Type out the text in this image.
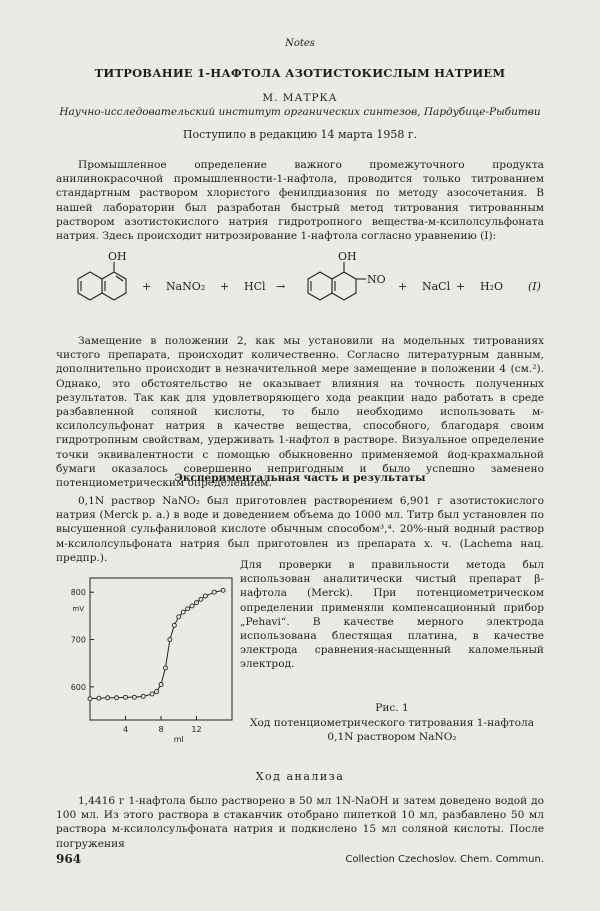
Notes
ТИТРОВАНИЕ 1-НАФТОЛА АЗОТИСТОКИСЛЫМ НАТРИЕМ
М. МАТРКА
Научно-исследовательский институт органических синтезов, Пардубице-Рыбитви
Поступило в редакцию 14 марта 1958 г.

Промышленное определение важного промежуточного продукта анилинокрасочной промышленности-1-нафтола, проводится только титрованием стандартным раствором хлористого фенилдиазония по методу азосочетания. В нашей лаборатории был разработан быстрый метод титрования титрованным раствором азотистокислого натрия гидротропного вещества-м-ксилолсульфоната натрия. Здесь происходит нитрозирование 1-нафтола согласно уравнению (I):

OH
+ NaNO₂ + HCl →
OH
NO
+ NaCl + H₂O (I)

Замещение в положении 2, как мы установили на модельных титрованиях чистого препарата, происходит количественно. Согласно литературным данным, дополнительно происходит в незначительной мере замещение в положении 4 (см.²). Однако, это обстоятельство не оказывает влияния на точность полученных результатов. Так как для удовлетворяющего хода реакции надо работать в среде разбавленной соляной кислоты, то было необходимо использовать м-ксилолсульфонат натрия в качестве вещества, способного, благодаря своим гидротропным свойствам, удерживать 1-нафтол в растворе. Визуальное определение точки эквивалентности с помощью обыкновенно применяемой йод-крахмальной бумаги оказалось совершенно непригодным и было успешно заменено потенциометрическим определением.

Экспериментальная часть и результаты

0,1N раствор NaNO₂ был приготовлен растворением 6,901 г азотистокислого натрия (Merck p. a.) в воде и доведением объема до 1000 мл. Титр был установлен по высушенной сульфаниловой кислоте обычным способом³,⁴. 20%-ный водный раствор м-ксилолсульфоната натрия был приготовлен из препарата х. ч. (Lachema нац. предпр.).

4	8	12
600
700
800
mV
ml

Для проверки в правильности метода был использован аналитически чистый препарат β-нафтола (Merck). При потенциометрическом определении применяли компенсационный прибор „Pehavi“. В качестве мерного электрода использована блестящая платина, в качестве электрода сравнения-насыщенный каломельный электрод.

Рис. 1
Ход потенциометрического титрования 1-нафтола 0,1N раствором NaNO₂
Ход анализа

1,4416 г 1-нафтола было растворено в 50 мл 1N-NaOH и затем доведено водой до 100 мл. Из этого раствора в стаканчик отобрано пипеткой 10 мл, разбавлено 50 мл раствора м-ксилолсульфоната натрия и подкислено 15 мл соляной кислоты. После погружения

964	Collection Czechoslov. Chem. Commun.
